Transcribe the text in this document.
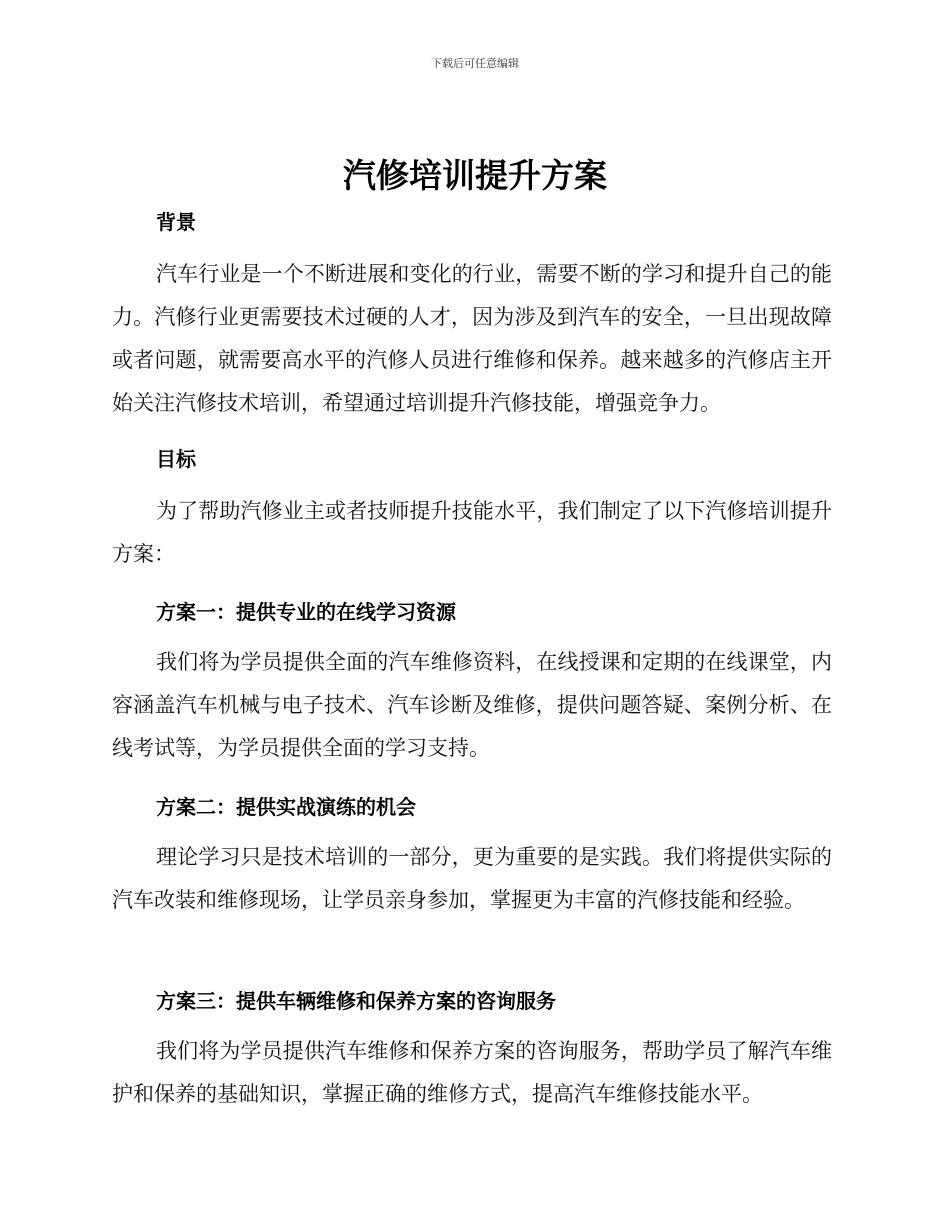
下载后可任意编辑
汽修培训提升方案
背景

汽车行业是一个不断进展和变化的行业，需要不断的学习和提升自己的能力。汽修行业更需要技术过硬的人才，因为涉及到汽车的安全，一旦出现故障或者问题，就需要高水平的汽修人员进行维修和保养。越来越多的汽修店主开始关注汽修技术培训，希望通过培训提升汽修技能，增强竞争力。

目标

为了帮助汽修业主或者技师提升技能水平，我们制定了以下汽修培训提升方案：

方案一：提供专业的在线学习资源

我们将为学员提供全面的汽车维修资料，在线授课和定期的在线课堂，内容涵盖汽车机械与电子技术、汽车诊断及维修，提供问题答疑、案例分析、在线考试等，为学员提供全面的学习支持。

方案二：提供实战演练的机会

理论学习只是技术培训的一部分，更为重要的是实践。我们将提供实际的汽车改装和维修现场，让学员亲身参加，掌握更为丰富的汽修技能和经验。

方案三：提供车辆维修和保养方案的咨询服务

我们将为学员提供汽车维修和保养方案的咨询服务，帮助学员了解汽车维护和保养的基础知识，掌握正确的维修方式，提高汽车维修技能水平。
